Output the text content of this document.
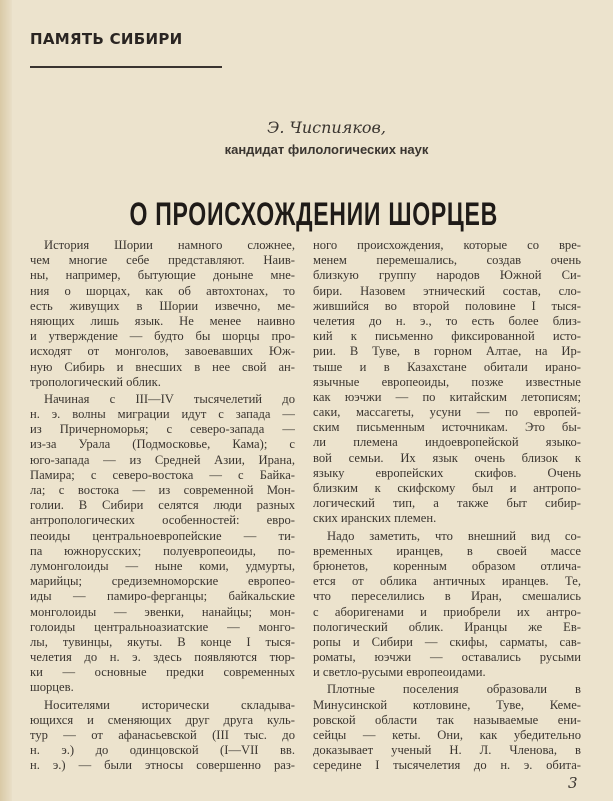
ПАМЯТЬ СИБИРИ
Э. Чиспияков,
кандидат филологических наук
О ПРОИСХОЖДЕНИИ ШОРЦЕВ
История Шории намного сложнее,
чем многие себе представляют. Наив-
ны, например, бытующие доныне мне-
ния о шорцах, как об автохтонах, то
есть живущих в Шории извечно, ме-
няющих лишь язык. Не менее наивно
и утверждение — будто бы шорцы про-
исходят от монголов, завоевавших Юж-
ную Сибирь и внесших в нее свой ан-
тропологический облик.
Начиная с III—IV тысячелетий до
н. э. волны миграции идут с запада —
из Причерноморья; с северо-запада —
из-за Урала (Подмосковье, Кама); с
юго-запада — из Средней Азии, Ирана,
Памира; с северо-востока — с Байка-
ла; с востока — из современной Мон-
голии. В Сибири селятся люди разных
антропологических особенностей: евро-
пеоиды центральноевропейские — ти-
па южнорусских; полуевропеоиды, по-
лумонголоиды — ныне коми, удмурты,
марийцы; средиземноморские европео-
иды — памиро-ферганцы; байкальские
монголоиды — эвенки, нанайцы; мон-
голоиды центральноазиатские — монго-
лы, тувинцы, якуты. В конце I тыся-
челетия до н. э. здесь появляются тюр-
ки — основные предки современных
шорцев.
Носителями исторически складыва-
ющихся и сменяющих друг друга куль-
тур — от афанасьевской (III тыс. до
н. э.) до одинцовской (I—VII вв.
н. э.) — были этносы совершенно раз-
ного происхождения, которые со вре-
менем перемешались, создав очень
близкую группу народов Южной Си-
бири. Назовем этнический состав, сло-
жившийся во второй половине I тыся-
челетия до н. э., то есть более близ-
кий к письменно фиксированной исто-
рии. В Туве, в горном Алтае, на Ир-
тыше и в Казахстане обитали ирано-
язычные европеоиды, позже известные
как юэчжи — по китайским летописям;
саки, массагеты, усуни — по европей-
ским письменным источникам. Это бы-
ли племена индоевропейской языко-
вой семьи. Их язык очень близок к
языку европейских скифов. Очень
близким к скифскому был и антропо-
логический тип, а также быт сибир-
ских иранских племен.
Надо заметить, что внешний вид со-
временных иранцев, в своей массе
брюнетов, коренным образом отлича-
ется от облика античных иранцев. Те,
что переселились в Иран, смешались
с аборигенами и приобрели их антро-
пологический облик. Иранцы же Ев-
ропы и Сибири — скифы, сарматы, сав-
роматы, юэчжи — оставались русыми
и светло-русыми европеоидами.
Плотные поселения образовали в
Минусинской котловине, Туве, Кеме-
ровской области так называемые ени-
сейцы — кеты. Они, как убедительно
доказывает ученый Н. Л. Членова, в
середине I тысячелетия до н. э. обита-
3
